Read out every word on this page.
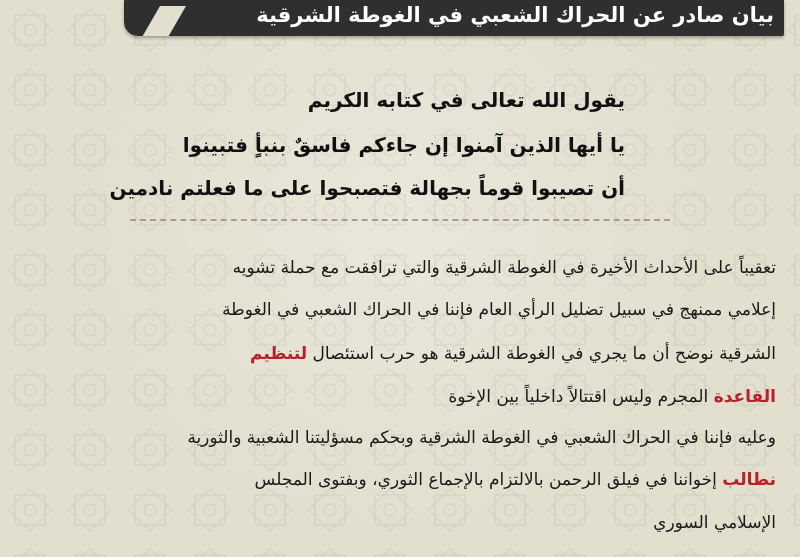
بيان صادر عن الحراك الشعبي في الغوطة الشرقية
يقول الله تعالى في كتابه الكريم
يا أيها الذين آمنوا إن جاءكم فاسقٌ بنبأٍ فتبينوا
أن تصيبوا قوماً بجهالة فتصبحوا على ما فعلتم نادمين
تعقيباً على الأحداث الأخيرة في الغوطة الشرقية والتي ترافقت مع حملة تشويه
إعلامي ممنهج في سبيل تضليل الرأي العام فإننا في الحراك الشعبي في الغوطة
الشرقية نوضح أن ما يجري في الغوطة الشرقية هو حرب استئصال لتنظيم
القاعدة المجرم وليس اقتتالاً داخلياً بين الإخوة
وعليه فإننا في الحراك الشعبي في الغوطة الشرقية وبحكم مسؤليتنا الشعبية والثورية
نطالب إخواننا في فيلق الرحمن بالالتزام بالإجماع الثوري، وبفتوى المجلس
الإسلامي السوري
